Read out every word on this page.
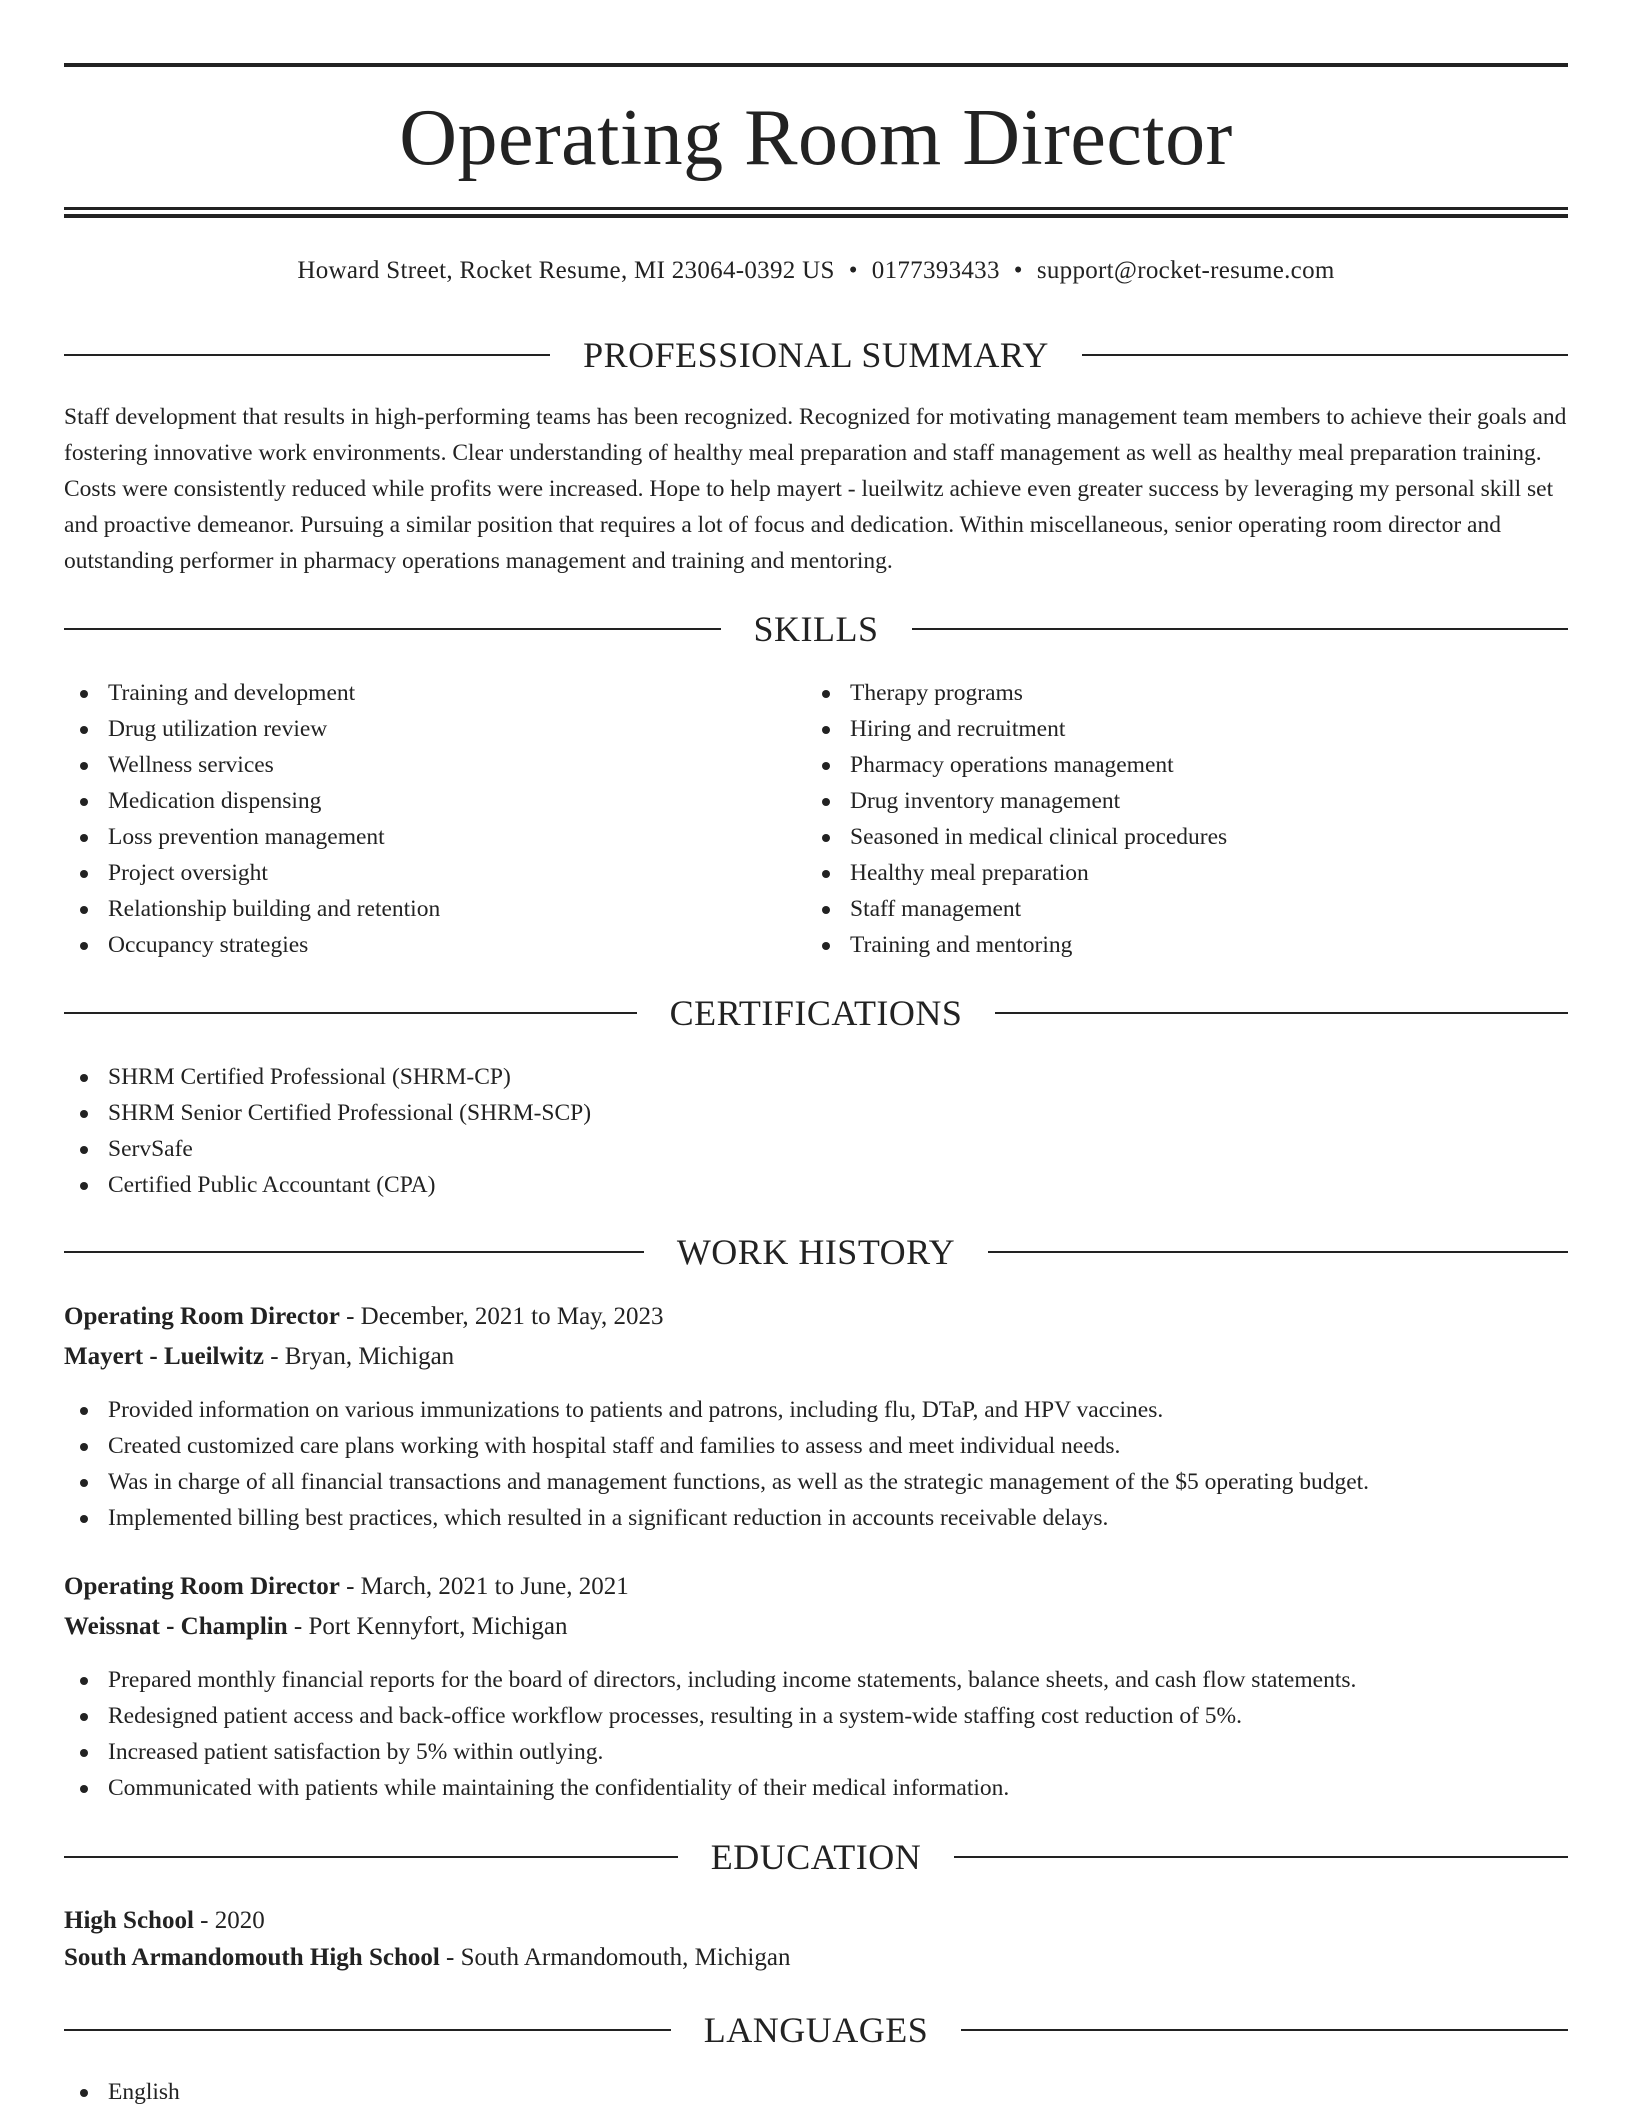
Operating Room Director
Howard Street, Rocket Resume, MI 23064-0392 US • 0177393433 • support@rocket-resume.com
PROFESSIONAL SUMMARY

Staff development that results in high-performing teams has been recognized. Recognized for motivating management team members to achieve their goals and fostering innovative work environments. Clear understanding of healthy meal preparation and staff management as well as healthy meal preparation training. Costs were consistently reduced while profits were increased. Hope to help mayert - lueilwitz achieve even greater success by leveraging my personal skill set and proactive demeanor. Pursuing a similar position that requires a lot of focus and dedication. Within miscellaneous, senior operating room director and outstanding performer in pharmacy operations management and training and mentoring.

SKILLS
Training and development
Drug utilization review
Wellness services
Medication dispensing
Loss prevention management
Project oversight
Relationship building and retention
Occupancy strategies
Therapy programs
Hiring and recruitment
Pharmacy operations management
Drug inventory management
Seasoned in medical clinical procedures
Healthy meal preparation
Staff management
Training and mentoring
CERTIFICATIONS
SHRM Certified Professional (SHRM-CP)
SHRM Senior Certified Professional (SHRM-SCP)
ServSafe
Certified Public Accountant (CPA)
WORK HISTORY
Operating Room Director - December, 2021 to May, 2023
Mayert - Lueilwitz - Bryan, Michigan
Provided information on various immunizations to patients and patrons, including flu, DTaP, and HPV vaccines.
Created customized care plans working with hospital staff and families to assess and meet individual needs.
Was in charge of all financial transactions and management functions, as well as the strategic management of the $5 operating budget.
Implemented billing best practices, which resulted in a significant reduction in accounts receivable delays.
Operating Room Director - March, 2021 to June, 2021
Weissnat - Champlin - Port Kennyfort, Michigan
Prepared monthly financial reports for the board of directors, including income statements, balance sheets, and cash flow statements.
Redesigned patient access and back-office workflow processes, resulting in a system-wide staffing cost reduction of 5%.
Increased patient satisfaction by 5% within outlying.
Communicated with patients while maintaining the confidentiality of their medical information.
EDUCATION
High School - 2020
South Armandomouth High School - South Armandomouth, Michigan
LANGUAGES
English
